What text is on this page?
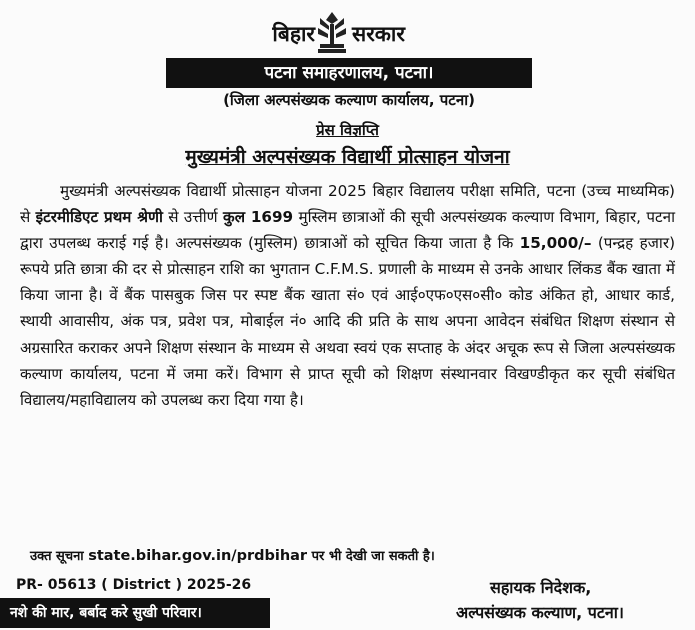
बिहार सरकार
पटना समाहरणालय, पटना।
(जिला अल्पसंख्यक कल्याण कार्यालय, पटना)
प्रेस विज्ञप्ति
मुख्यमंत्री अल्पसंख्यक विद्यार्थी प्रोत्साहन योजना

मुख्यमंत्री अल्पसंख्यक विद्यार्थी प्रोत्साहन योजना 2025 बिहार विद्यालय परीक्षा समिति, पटना (उच्च माध्यमिक) से इंटरमीडिएट प्रथम श्रेणी से उत्तीर्ण कुल 1699 मुस्लिम छात्राओं की सूची अल्पसंख्यक कल्याण विभाग, बिहार, पटना द्वारा उपलब्ध कराई गई है। अल्पसंख्यक (मुस्लिम) छात्राओं को सूचित किया जाता है कि 15,000/– (पन्द्रह हजार) रूपये प्रति छात्रा की दर से प्रोत्साहन राशि का भुगतान C.F.M.S. प्रणाली के माध्यम से उनके आधार लिंकड बैंक खाता में किया जाना है। वें बैंक पासबुक जिस पर स्पष्ट बैंक खाता सं० एवं आई०एफ०एस०सी० कोड अंकित हो, आधार कार्ड, स्थायी आवासीय, अंक पत्र, प्रवेश पत्र, मोबाईल नं० आदि की प्रति के साथ अपना आवेदन संबंधित शिक्षण संस्थान से अग्रसारित कराकर अपने शिक्षण संस्थान के माध्यम से अथवा स्वयं एक सप्ताह के अंदर अचूक रूप से जिला अल्पसंख्यक कल्याण कार्यालय, पटना में जमा करें। विभाग से प्राप्त सूची को शिक्षण संस्थानवार विखण्डीकृत कर सूची संबंधित विद्यालय/महाविद्यालय को उपलब्ध करा दिया गया है।

उक्त सूचना state.bihar.gov.in/prdbihar पर भी देखी जा सकती है।
PR- 05613 ( District ) 2025-26	सहायक निदेशक,
अल्पसंख्यक कल्याण, पटना।
नशे की मार, बर्बाद करे सुखी परिवार।
